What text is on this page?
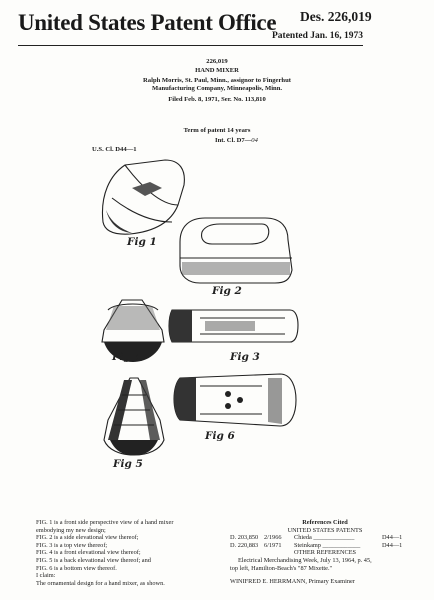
United States Patent Office Des. 226,019
Patented Jan. 16, 1973
226,019
HAND MIXER
Ralph Morris, St. Paul, Minn., assignor to Fingerhut
Manufacturing Company, Minneapolis, Minn.
Filed Feb. 8, 1971, Ser. No. 113,810
Term of patent 14 years
Int. Cl. D7—04
U.S. Cl. D44—1
Fig 1
Fig 2
Fig 3
Fig 4
Fig 5
Fig 6
FIG. 1 is a front side perspective view of a hand mixer
embodying my new design;
FIG. 2 is a side elevational view thereof;
FIG. 3 is a top view thereof;
FIG. 4 is a front elevational view thereof;
FIG. 5 is a back elevational view thereof; and
FIG. 6 is a bottom view thereof.
I claim:
The ornamental design for a hand mixer, as shown.
References Cited
UNITED STATES PATENTS
D. 203,850 2/1966	Chieda _____________	D44—1
D. 220,883 6/1971	Steinkamp ____________	D44—1
OTHER REFERENCES
Electrical Merchandising Week, July 13, 1964, p. 45,
top left, Hamilton-Beach's "87 Mixette."
WINIFRED E. HERRMANN, Primary Examiner
